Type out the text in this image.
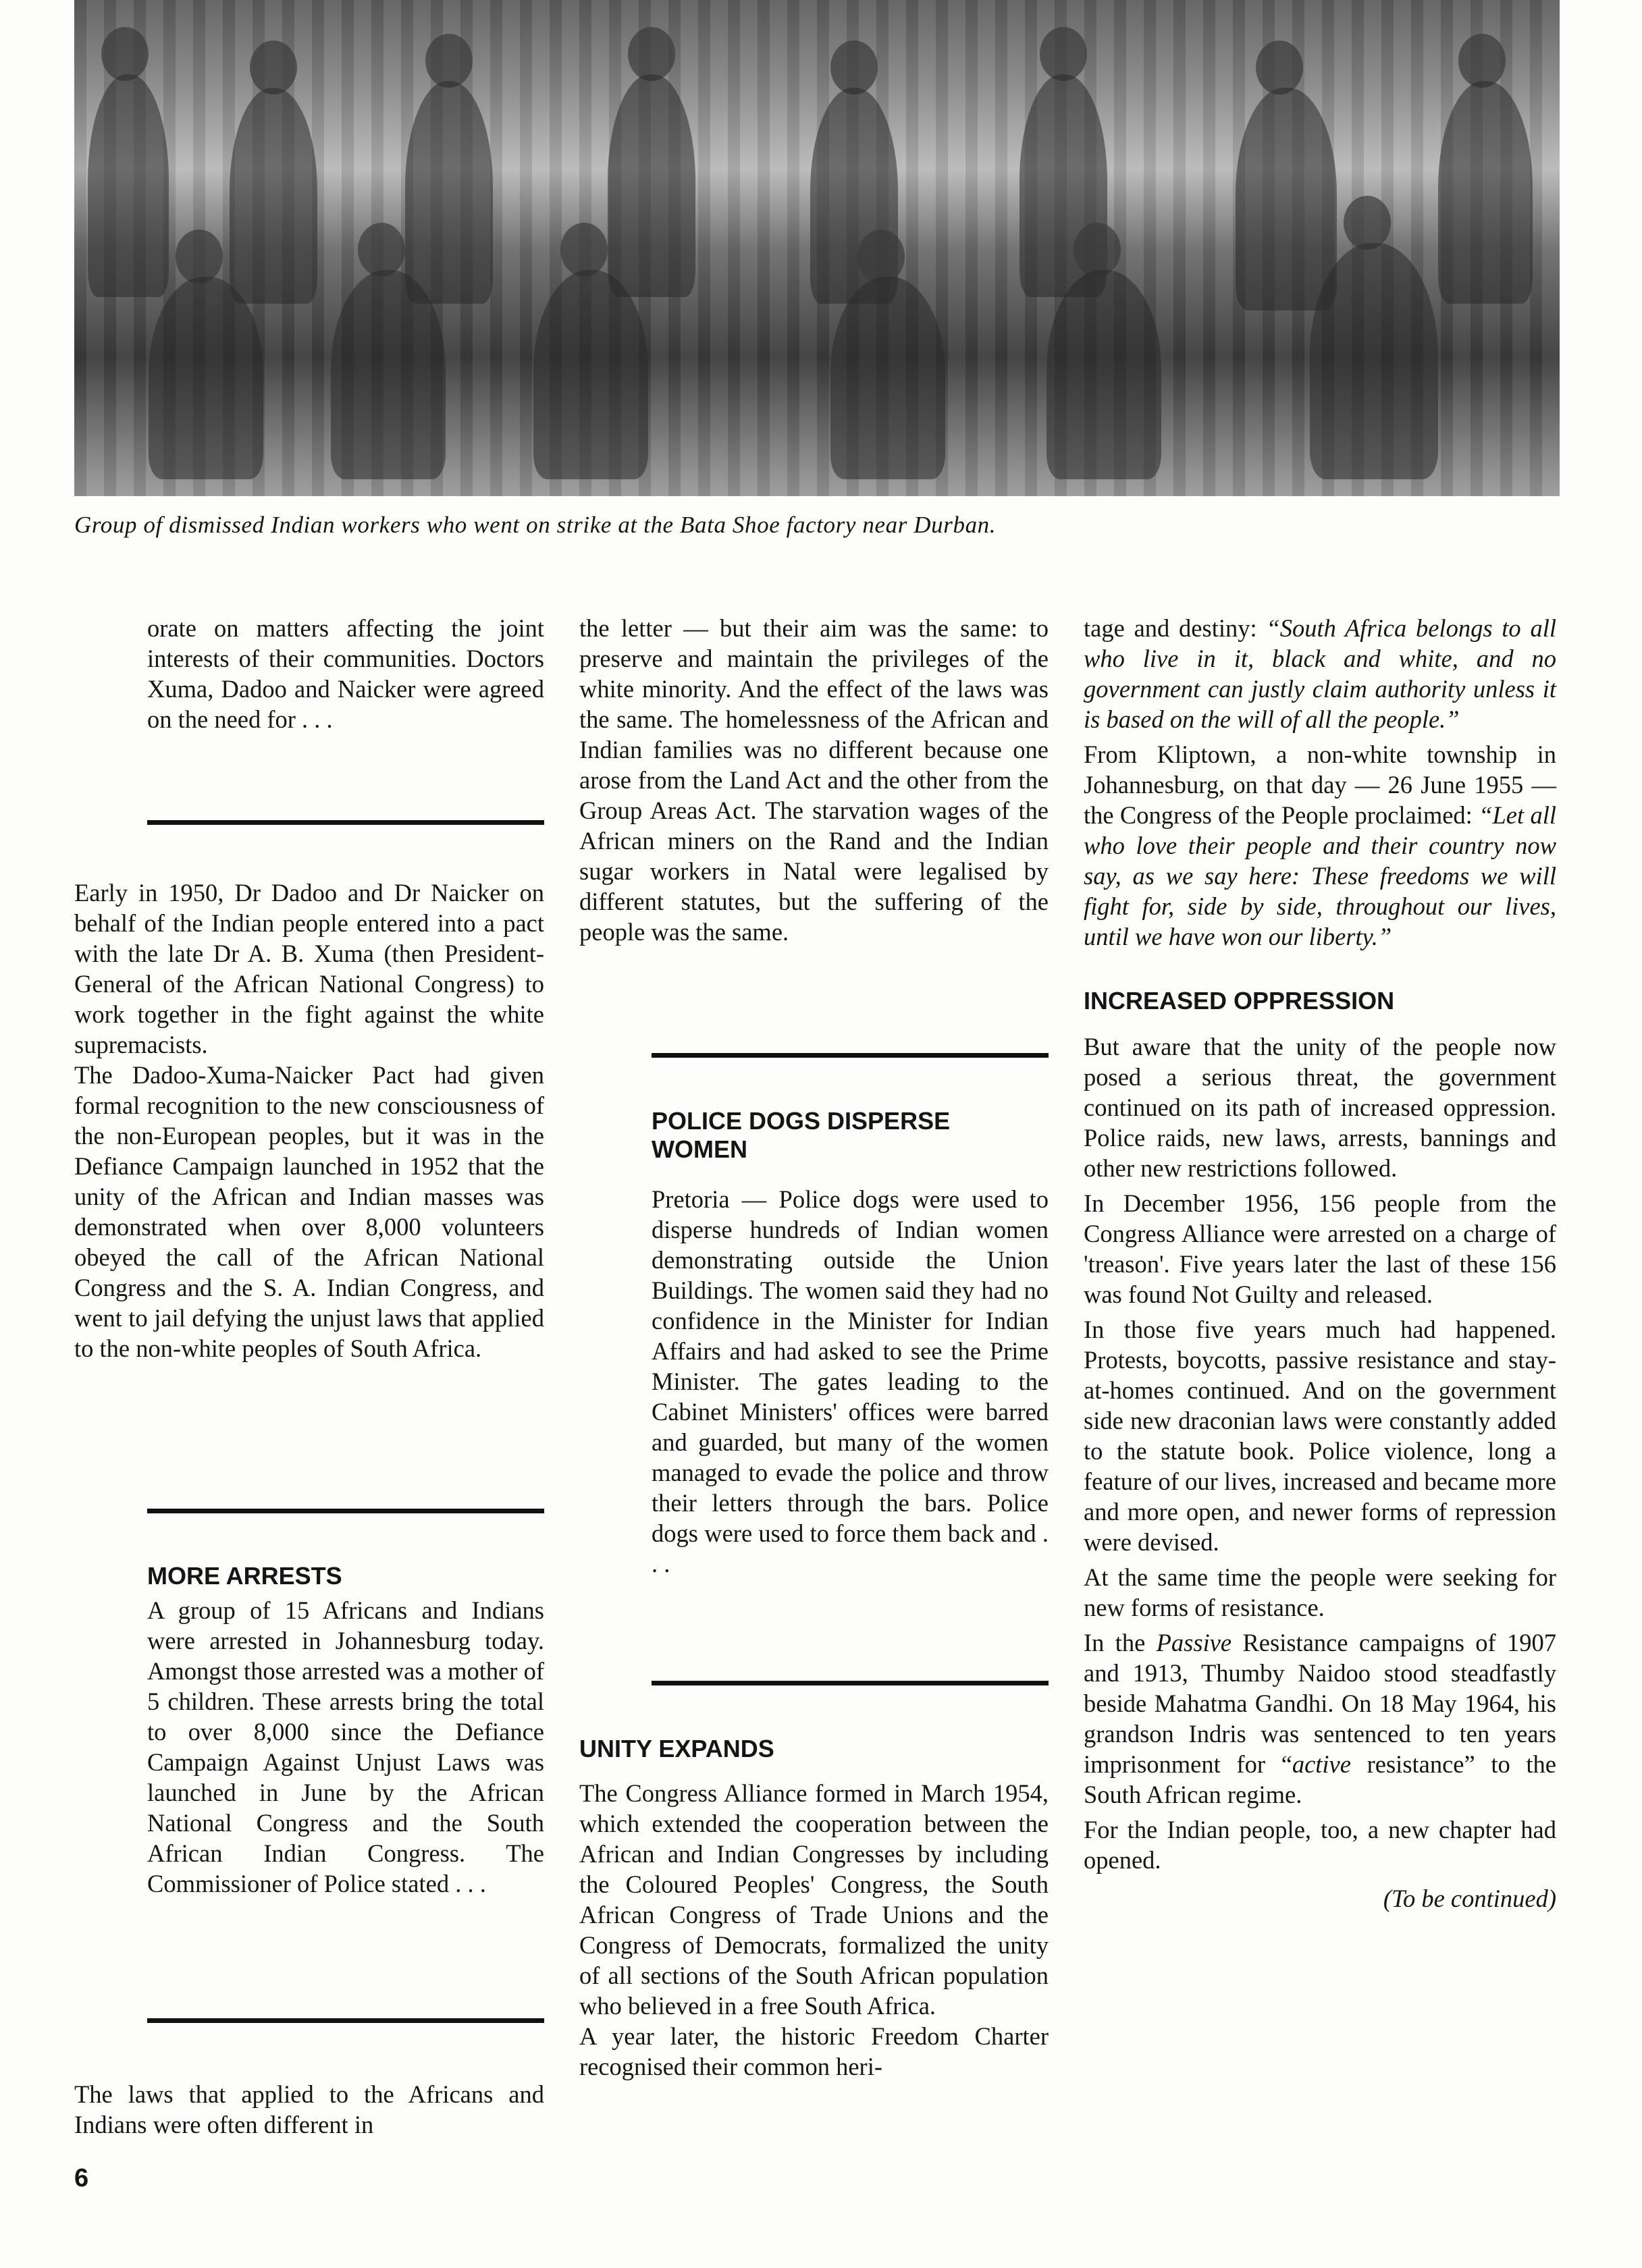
Group of dismissed Indian workers who went on strike at the Bata Shoe factory near Durban.

orate on matters affecting the joint interests of their communities. Doctors Xuma, Dadoo and Naicker were agreed on the need for . . .

Early in 1950, Dr Dadoo and Dr Naicker on behalf of the Indian people entered into a pact with the late Dr A. B. Xuma (then President-General of the African National Congress) to work together in the fight against the white supremacists.

The Dadoo-Xuma-Naicker Pact had given formal recognition to the new consciousness of the non-European peoples, but it was in the Defiance Campaign launched in 1952 that the unity of the African and Indian masses was demonstrated when over 8,000 volunteers obeyed the call of the African National Congress and the S. A. Indian Congress, and went to jail defying the unjust laws that applied to the non-white peoples of South Africa.

MORE ARRESTS

A group of 15 Africans and Indians were arrested in Johannesburg today. Amongst those arrested was a mother of 5 children. These arrests bring the total to over 8,000 since the Defiance Campaign Against Unjust Laws was launched in June by the African National Congress and the South African Indian Congress. The Commissioner of Police stated . . .

The laws that applied to the Africans and Indians were often different in

the letter — but their aim was the same: to preserve and maintain the privileges of the white minority. And the effect of the laws was the same. The homelessness of the African and Indian families was no different because one arose from the Land Act and the other from the Group Areas Act. The starvation wages of the African miners on the Rand and the Indian sugar workers in Natal were legalised by different statutes, but the suffering of the people was the same.

POLICE DOGS DISPERSE WOMEN

Pretoria — Police dogs were used to disperse hundreds of Indian women demonstrating outside the Union Buildings. The women said they had no confidence in the Minister for Indian Affairs and had asked to see the Prime Minister. The gates leading to the Cabinet Ministers' offices were barred and guarded, but many of the women managed to evade the police and throw their letters through the bars. Police dogs were used to force them back and . . .

UNITY EXPANDS

The Congress Alliance formed in March 1954, which extended the cooperation between the African and Indian Congresses by including the Coloured Peoples' Congress, the South African Congress of Trade Unions and the Congress of Democrats, formalized the unity of all sections of the South African population who believed in a free South Africa.

A year later, the historic Freedom Charter recognised their common heri-

tage and destiny: “South Africa belongs to all who live in it, black and white, and no government can justly claim authority unless it is based on the will of all the people.”

From Kliptown, a non-white township in Johannesburg, on that day — 26 June 1955 — the Congress of the People proclaimed: “Let all who love their people and their country now say, as we say here: These freedoms we will fight for, side by side, throughout our lives, until we have won our liberty.”

INCREASED OPPRESSION

But aware that the unity of the people now posed a serious threat, the government continued on its path of increased oppression. Police raids, new laws, arrests, bannings and other new restrictions followed.

In December 1956, 156 people from the Congress Alliance were arrested on a charge of 'treason'. Five years later the last of these 156 was found Not Guilty and released.

In those five years much had happened. Protests, boycotts, passive resistance and stay-at-homes continued. And on the government side new draconian laws were constantly added to the statute book. Police violence, long a feature of our lives, increased and became more and more open, and newer forms of repression were devised.

At the same time the people were seeking for new forms of resistance.

In the Passive Resistance campaigns of 1907 and 1913, Thumby Naidoo stood steadfastly beside Mahatma Gandhi. On 18 May 1964, his grandson Indris was sentenced to ten years imprisonment for “active resistance” to the South African regime.

For the Indian people, too, a new chapter had opened.

(To be continued)

6
